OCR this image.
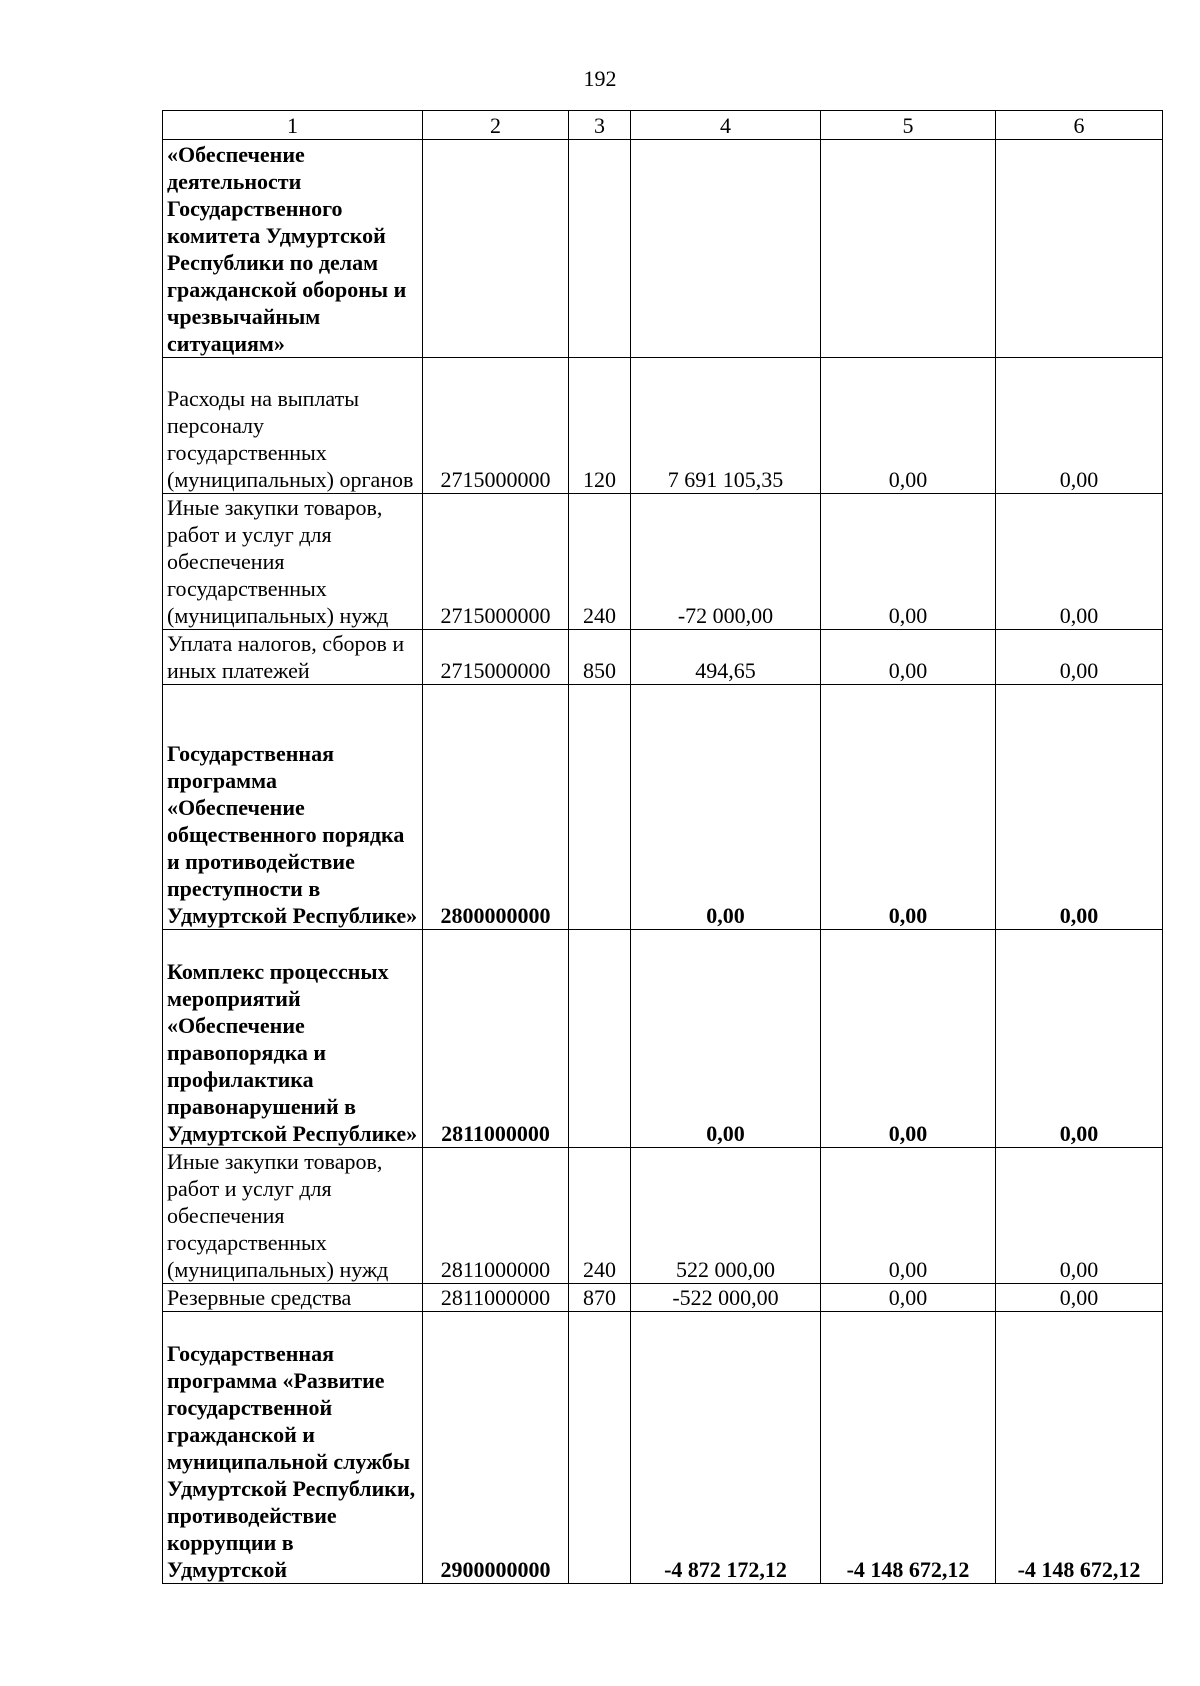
192
1	2	3	4	5	6
«Обеспечение деятельности Государственного комитета Удмуртской Республики по делам гражданской обороны и чрезвычайным ситуациям»					
Расходы на выплаты персоналу государственных (муниципальных) органов	2715000000	120	7 691 105,35	0,00	0,00
Иные закупки товаров, работ и услуг для обеспечения государственных (муниципальных) нужд	2715000000	240	-72 000,00	0,00	0,00
Уплата налогов, сборов и иных платежей	2715000000	850	494,65	0,00	0,00
Государственная программа «Обеспечение общественного порядка и противодействие преступности в Удмуртской Республике»	2800000000		0,00	0,00	0,00
Комплекс процессных мероприятий «Обеспечение правопорядка и профилактика правонарушений в Удмуртской Республике»	2811000000		0,00	0,00	0,00
Иные закупки товаров, работ и услуг для обеспечения государственных (муниципальных) нужд	2811000000	240	522 000,00	0,00	0,00
Резервные средства	2811000000	870	-522 000,00	0,00	0,00
Государственная программа «Развитие государственной гражданской и муниципальной службы Удмуртской Республики, противодействие коррупции в Удмуртской	2900000000		-4 872 172,12	-4 148 672,12	-4 148 672,12
